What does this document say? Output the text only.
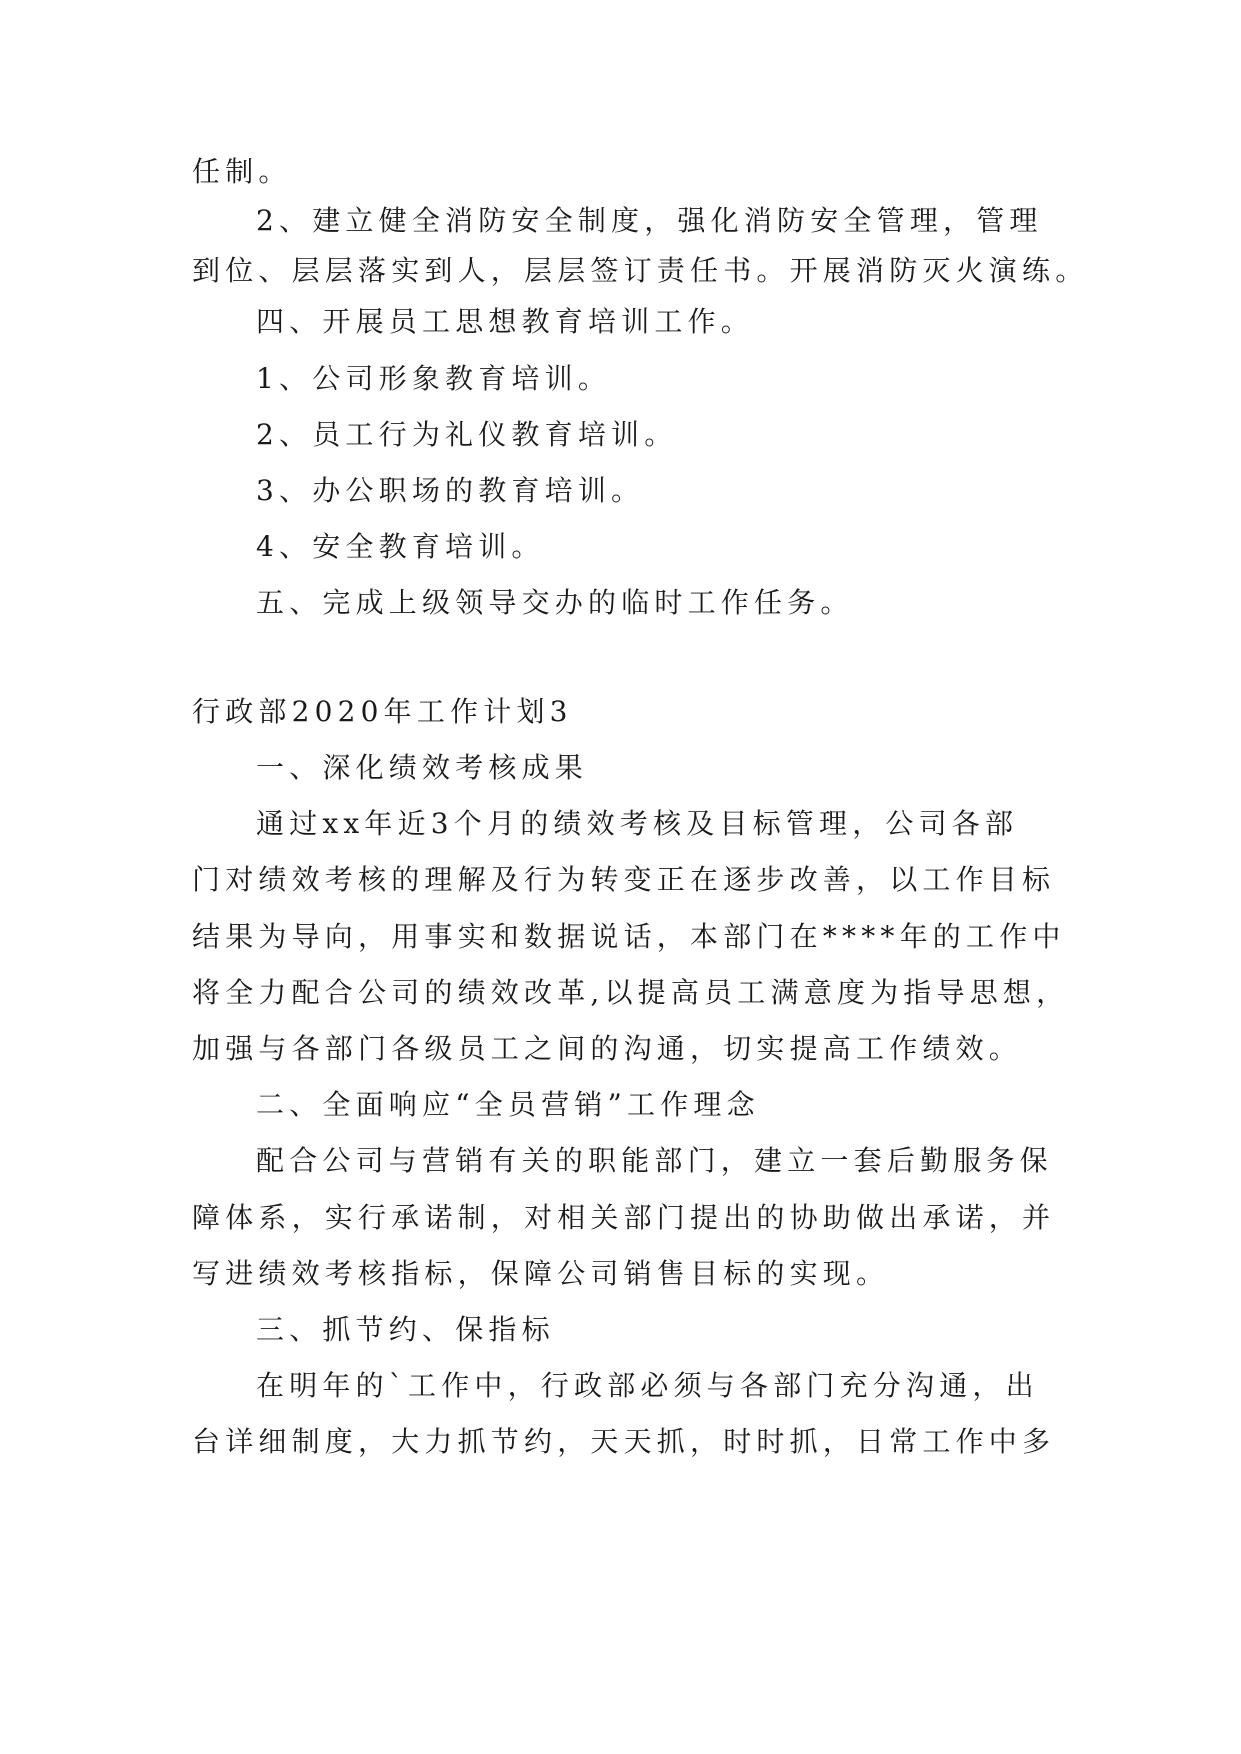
任制。
2、建立健全消防安全制度，强化消防安全管理，管理
到位、层层落实到人，层层签订责任书。开展消防灭火演练。
四、开展员工思想教育培训工作。
1、公司形象教育培训。
2、员工行为礼仪教育培训。
3、办公职场的教育培训。
4、安全教育培训。
五、完成上级领导交办的临时工作任务。
行政部2020年工作计划3
一、深化绩效考核成果
通过xx年近3个月的绩效考核及目标管理，公司各部
门对绩效考核的理解及行为转变正在逐步改善，以工作目标
结果为导向，用事实和数据说话，本部门在****年的工作中
将全力配合公司的绩效改革,以提高员工满意度为指导思想，
加强与各部门各级员工之间的沟通，切实提高工作绩效。
二、全面响应“全员营销”工作理念
配合公司与营销有关的职能部门，建立一套后勤服务保
障体系，实行承诺制，对相关部门提出的协助做出承诺，并
写进绩效考核指标，保障公司销售目标的实现。
三、抓节约、保指标
在明年的`工作中，行政部必须与各部门充分沟通，出
台详细制度，大力抓节约，天天抓，时时抓，日常工作中多
